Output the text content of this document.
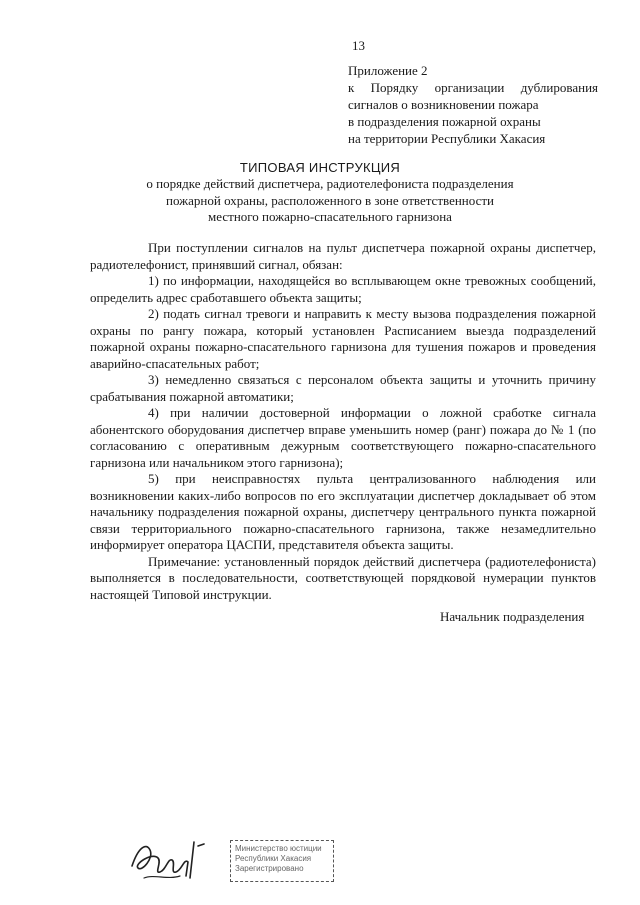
13
Приложение 2
к Порядку организации дублирования
сигналов о возникновении пожара
в подразделения пожарной охраны
на территории Республики Хакасия
ТИПОВАЯ ИНСТРУКЦИЯ
о порядке действий диспетчера, радиотелефониста подразделения
пожарной охраны, расположенного в зоне ответственности
местного пожарно-спасательного гарнизона

При поступлении сигналов на пульт диспетчера пожарной охраны диспетчер, радиотелефонист, принявший сигнал, обязан:

1) по информации, находящейся во всплывающем окне тревожных сообщений, определить адрес сработавшего объекта защиты;

2) подать сигнал тревоги и направить к месту вызова подразделения пожарной охраны по рангу пожара, который установлен Расписанием выезда подразделений пожарной охраны пожарно-спасательного гарнизона для тушения пожаров и проведения аварийно-спасательных работ;

3) немедленно связаться с персоналом объекта защиты и уточнить причину срабатывания пожарной автоматики;

4) при наличии достоверной информации о ложной сработке сигнала абонентского оборудования диспетчер вправе уменьшить номер (ранг) пожара до № 1 (по согласованию с оперативным дежурным соответствующего пожарно-спасательного гарнизона или начальником этого гарнизона);

5) при неисправностях пульта централизованного наблюдения или возникновении каких-либо вопросов по его эксплуатации диспетчер докладывает об этом начальнику подразделения пожарной охраны, диспетчеру центрального пункта пожарной связи территориального пожарно-спасательного гарнизона, также незамедлительно информирует оператора ЦАСПИ, представителя объекта защиты.

Примечание: установленный порядок действий диспетчера (радиотелефониста) выполняется в последовательности, соответствующей порядковой нумерации пунктов настоящей Типовой инструкции.

Начальник подразделения
Министерство юстиции
Республики Хакасия
Зарегистрировано
